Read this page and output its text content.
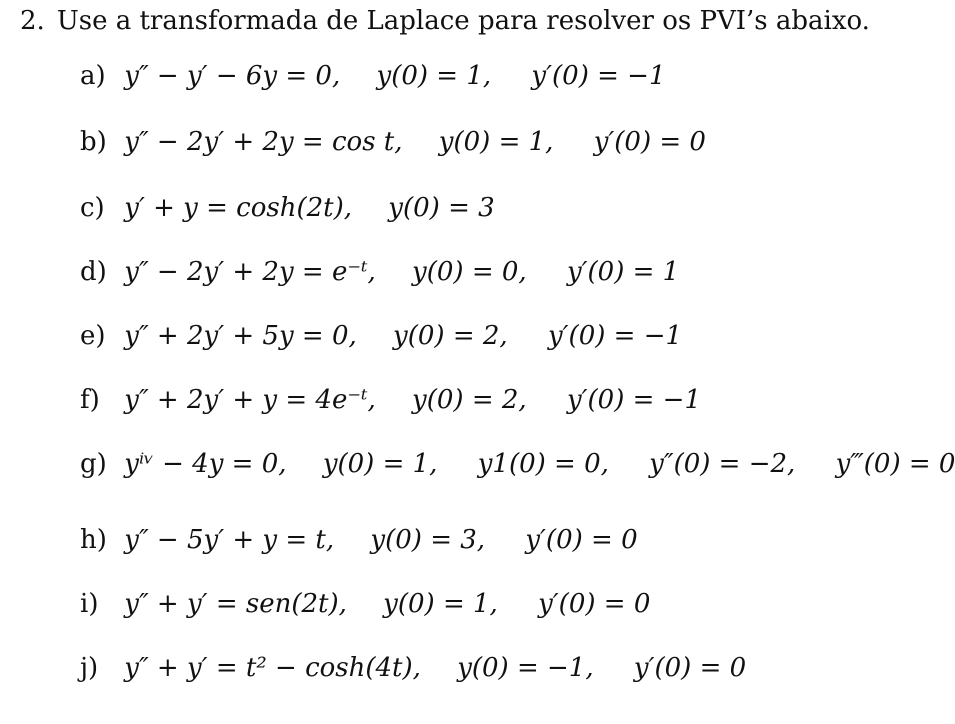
2. Use a transformada de Laplace para resolver os PVI’s abaixo.
a) y″ − y′ − 6y = 0, y(0) = 1, y′(0) = −1
b) y″ − 2y′ + 2y = cos t, y(0) = 1, y′(0) = 0
c) y′ + y = cosh(2t), y(0) = 3
d) y″ − 2y′ + 2y = e⁻ᵗ, y(0) = 0, y′(0) = 1
e) y″ + 2y′ + 5y = 0, y(0) = 2, y′(0) = −1
f) y″ + 2y′ + y = 4e⁻ᵗ, y(0) = 2, y′(0) = −1
g) yⁱᵛ − 4y = 0, y(0) = 1, y1(0) = 0, y″(0) = −2, y‴(0) = 0
h) y″ − 5y′ + y = t, y(0) = 3, y′(0) = 0
i) y″ + y′ = sen(2t), y(0) = 1, y′(0) = 0
j) y″ + y′ = t² − cosh(4t), y(0) = −1, y′(0) = 0
